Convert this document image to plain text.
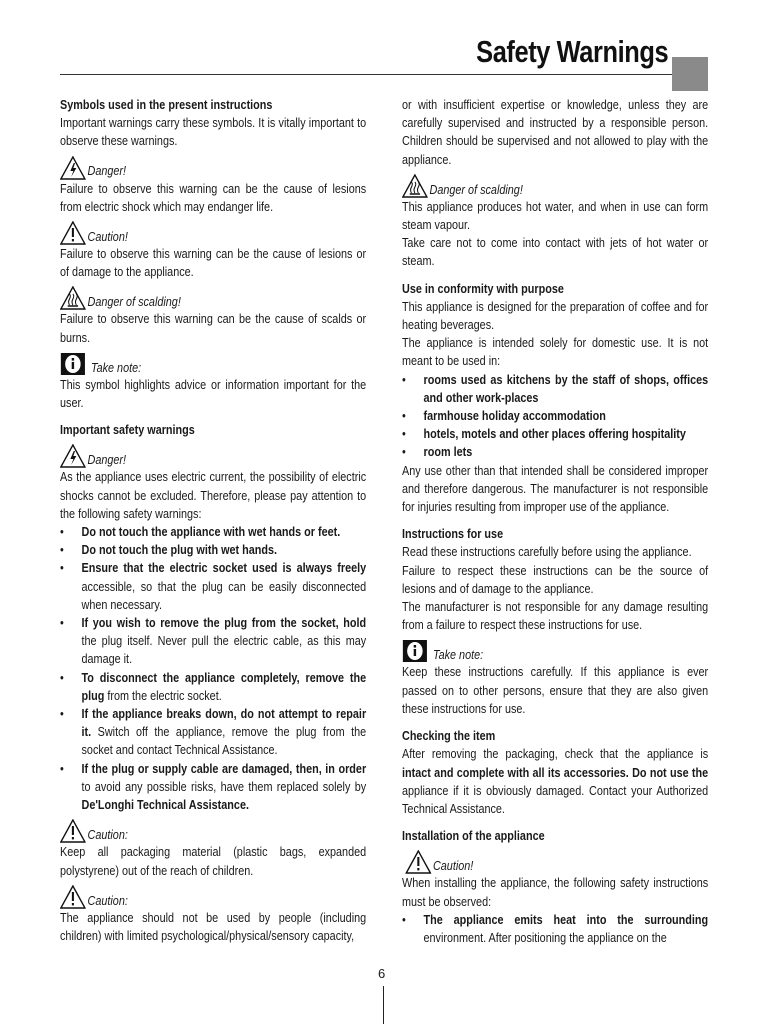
Safety Warnings

Symbols used in the present instructions

Important warnings carry these symbols. It is vitally important to observe these warnings.

Danger!

Failure to observe this warning can be the cause of lesions from electric shock which may endanger life.

Caution!

Failure to observe this warning can be the cause of lesions or of damage to the appliance.

Danger of scalding!

Failure to observe this warning can be the cause of scalds or burns.

Take note:

This symbol highlights advice or information important for the user.

Important safety warnings

Danger!

As the appliance uses electric current, the possibility of electric shocks cannot be excluded. Therefore, please pay attention to the following safety warnings:

• Do not touch the appliance with wet hands or feet.
• Do not touch the plug with wet hands.
• Ensure that the electric socket used is always freely accessible, so that the plug can be easily disconnected when necessary.
• If you wish to remove the plug from the socket, hold the plug itself. Never pull the electric cable, as this may damage it.
• To disconnect the appliance completely, remove the plug from the electric socket.
• If the appliance breaks down, do not attempt to repair it. Switch off the appliance, remove the plug from the socket and contact Technical Assistance.
• If the plug or supply cable are damaged, then, in order to avoid any possible risks, have them replaced solely by De'Longhi Technical Assistance.
Caution:

Keep all packaging material (plastic bags, expanded polystyrene) out of the reach of children.

Caution:

The appliance should not be used by people (including children) with limited psychological/physical/sensory capacity,

or with insufficient expertise or knowledge, unless they are carefully supervised and instructed by a responsible person. Children should be supervised and not allowed to play with the appliance.

Danger of scalding!

This appliance produces hot water, and when in use can form steam vapour.

Take care not to come into contact with jets of hot water or steam.

Use in conformity with purpose

This appliance is designed for the preparation of coffee and for heating beverages.

The appliance is intended solely for domestic use. It is not meant to be used in:

• rooms used as kitchens by the staff of shops, offices and other work-places
• farmhouse holiday accommodation
• hotels, motels and other places offering hospitality
• room lets

Any use other than that intended shall be considered improper and therefore dangerous. The manufacturer is not responsible for injuries resulting from improper use of the appliance.

Instructions for use

Read these instructions carefully before using the appliance.

Failure to respect these instructions can be the source of lesions and of damage to the appliance.

The manufacturer is not responsible for any damage resulting from a failure to respect these instructions for use.

Take note:

Keep these instructions carefully. If this appliance is ever passed on to other persons, ensure that they are also given these instructions for use.

Checking the item

After removing the packaging, check that the appliance is intact and complete with all its accessories. Do not use the appliance if it is obviously damaged. Contact your Authorized Technical Assistance.

Installation of the appliance

Caution!

When installing the appliance, the following safety instructions must be observed:

• The appliance emits heat into the surrounding environment. After positioning the appliance on the
6
